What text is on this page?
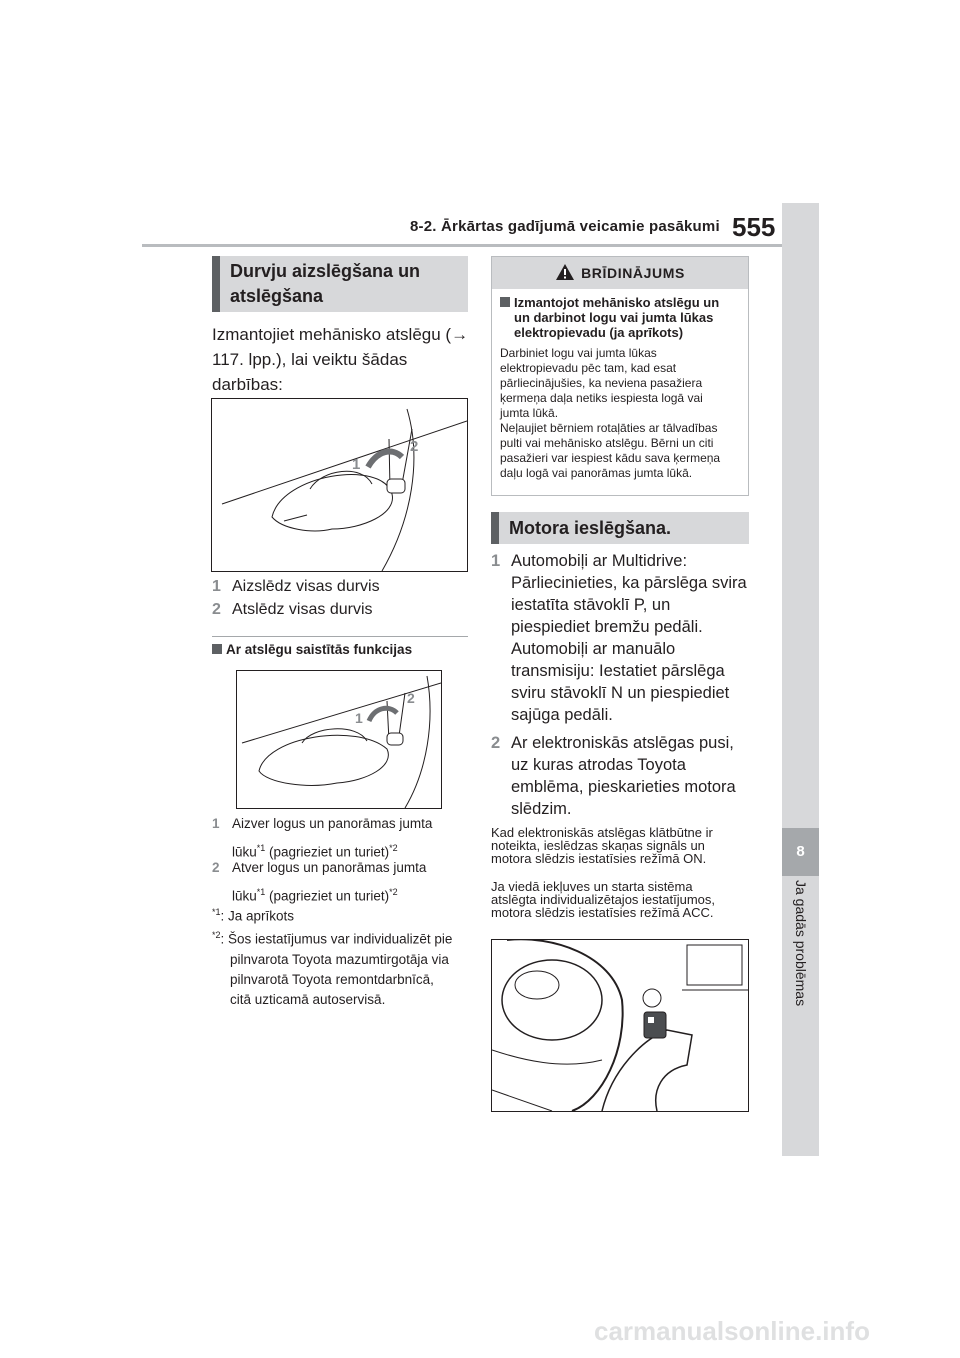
8-2. Ārkārtas gadījumā veicamie pasākumi 555
8
Ja gadās problēmas
Durvju aizslēgšana un atslēgšana
Izmantojiet mehānisko atslēgu (→
117. lpp.), lai veiktu šādas
darbības:
1
2
1 Aizslēdz visas durvis
2 Atslēdz visas durvis
Ar atslēgu saistītās funkcijas
1
2
1 Aizver logus un panorāmas jumta
lūku$^{*1}$ (pagrieziet un turiet)$^{*2}$
2 Atver logus un panorāmas jumta
lūku$^{*1}$ (pagrieziet un turiet)$^{*2}$
$^{*1}$: Ja aprīkots
$^{*2}$: Šos iestatījumus var individualizēt pie
pilnvarota Toyota mazumtirgotāja via
pilnvarotā Toyota remontdarbnīcā,
citā uzticamā autoservisā.
BRĪDINĀJUMS
Izmantojot mehānisko atslēgu un
un darbinot logu vai jumta lūkas
elektropievadu (ja aprīkots)
Darbiniet logu vai jumta lūkas
elektropievadu pēc tam, kad esat
pārliecinājušies, ka neviena pasažiera
ķermeņa daļa netiks iespiesta logā vai
jumta lūkā.
Neļaujiet bērniem rotaļāties ar tālvadības
pulti vai mehānisko atslēgu. Bērni un citi
pasažieri var iespiest kādu sava ķermeņa
daļu logā vai panorāmas jumta lūkā.
Motora ieslēgšana.
1 Automobiļi ar Multidrive:
Pārliecinieties, ka pārslēga svira
iestatīta stāvoklī P, un
piespiediet bremžu pedāli.
Automobiļi ar manuālo
transmisiju: Iestatiet pārslēga
sviru stāvoklī N un piespiediet
sajūga pedāli.
2 Ar elektroniskās atslēgas pusi,
uz kuras atrodas Toyota
emblēma, pieskarieties motora
slēdzim.
Kad elektroniskās atslēgas klātbūtne ir
noteikta, ieslēdzas skaņas signāls un
motora slēdzis iestatīsies režīmā ON.
Ja viedā iekļuves un starta sistēma
atslēgta individualizētajos iestatījumos,
motora slēdzis iestatīsies režīmā ACC.
carmanualsonline.info
